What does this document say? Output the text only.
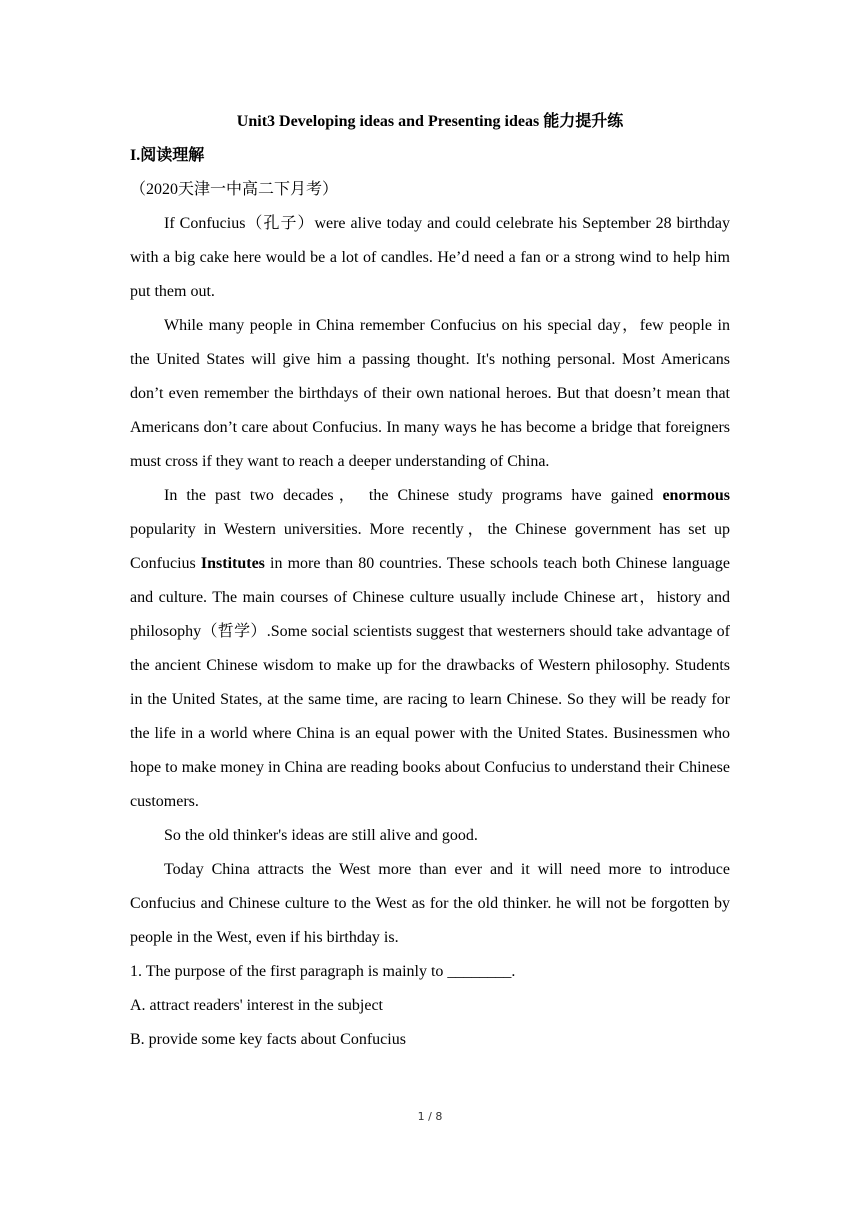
Unit3 Developing ideas and Presenting ideas 能力提升练
I.阅读理解
（2020天津一中高二下月考）

If Confucius（孔子）were alive today and could celebrate his September 28 birthday with a big cake here would be a lot of candles. He’d need a fan or a strong wind to help him put them out.

While many people in China remember Confucius on his special day，few people in the United States will give him a passing thought. It's nothing personal. Most Americans don’t even remember the birthdays of their own national heroes. But that doesn’t mean that Americans don’t care about Confucius. In many ways he has become a bridge that foreigners must cross if they want to reach a deeper understanding of China.

In the past two decades， the Chinese study programs have gained enormous popularity in Western universities. More recently，the Chinese government has set up Confucius Institutes in more than 80 countries. These schools teach both Chinese language and culture. The main courses of Chinese culture usually include Chinese art，history and philosophy（哲学）.Some social scientists suggest that westerners should take advantage of the ancient Chinese wisdom to make up for the drawbacks of Western philosophy. Students in the United States, at the same time, are racing to learn Chinese. So they will be ready for the life in a world where China is an equal power with the United States. Businessmen who hope to make money in China are reading books about Confucius to understand their Chinese customers.

So the old thinker's ideas are still alive and good.

Today China attracts the West more than ever and it will need more to introduce Confucius and Chinese culture to the West as for the old thinker. he will not be forgotten by people in the West, even if his birthday is.

1. The purpose of the first paragraph is mainly to ________.
A. attract readers' interest in the subject
B. provide some key facts about Confucius
1 / 8
